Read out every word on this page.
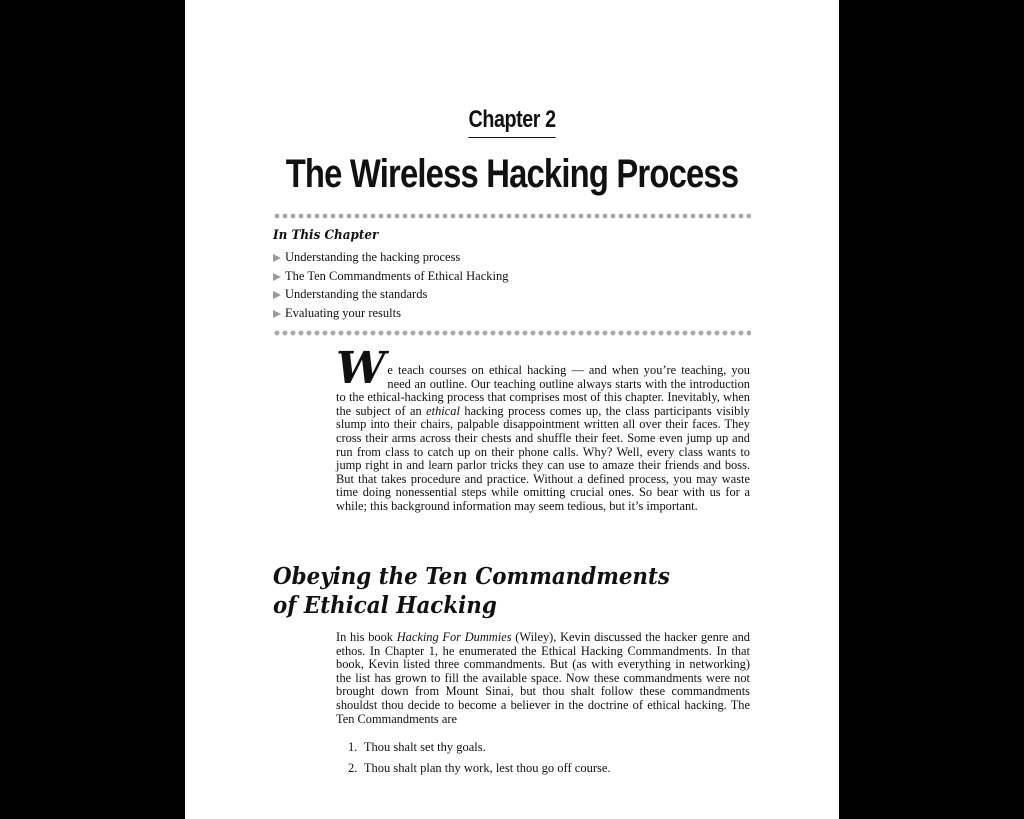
Chapter 2
The Wireless Hacking Process
In This Chapter
Understanding the hacking process
The Ten Commandments of Ethical Hacking
Understanding the standards
Evaluating your results

We teach courses on ethical hacking — and when you’re teaching, you need an outline. Our teaching outline always starts with the introduction to the ethical-hacking process that comprises most of this chapter. Inevitably, when the subject of an ethical hacking process comes up, the class participants visibly slump into their chairs, palpable disappointment written all over their faces. They cross their arms across their chests and shuffle their feet. Some even jump up and run from class to catch up on their phone calls. Why? Well, every class wants to jump right in and learn parlor tricks they can use to amaze their friends and boss. But that takes procedure and practice. Without a defined process, you may waste time doing nonessential steps while omitting crucial ones. So bear with us for a while; this background information may seem tedious, but it’s important.

Obeying the Ten Commandments
of Ethical Hacking

In his book Hacking For Dummies (Wiley), Kevin discussed the hacker genre and ethos. In Chapter 1, he enumerated the Ethical Hacking Commandments. In that book, Kevin listed three commandments. But (as with everything in networking) the list has grown to fill the available space. Now these commandments were not brought down from Mount Sinai, but thou shalt follow these commandments shouldst thou decide to become a believer in the doctrine of ethical hacking. The Ten Commandments are

1. Thou shalt set thy goals.
2. Thou shalt plan thy work, lest thou go off course.
